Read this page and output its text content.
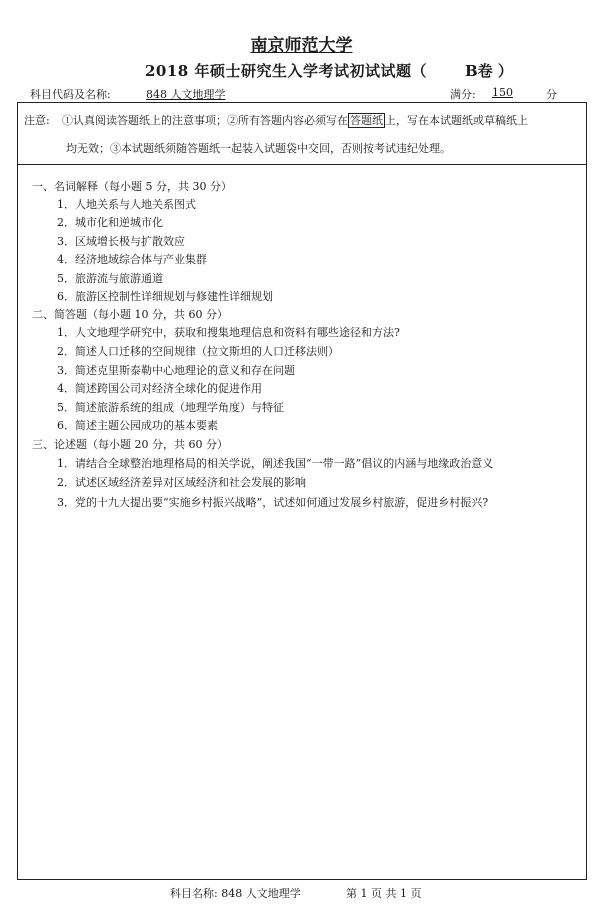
南京师范大学
2018 年硕士研究生入学考试初试试题（	B卷 ）
科目代码及名称:	848 人文地理学	满分: 150	分
注意: ①认真阅读答题纸上的注意事项；②所有答题内容必须写在 答题纸 上，写在本试题纸或草稿纸上
均无效；③本试题纸须随答题纸一起装入试题袋中交回，否则按考试违纪处理。
一、名词解释（每小题 5 分，共 30 分）
1．人地关系与人地关系图式
2．城市化和逆城市化
3．区域增长极与扩散效应
4．经济地域综合体与产业集群
5．旅游流与旅游通道
6．旅游区控制性详细规划与修建性详细规划
二、简答题（每小题 10 分，共 60 分）
1．人文地理学研究中，获取和搜集地理信息和资料有哪些途径和方法?
2．简述人口迁移的空间规律（拉文斯坦的人口迁移法则）
3．简述克里斯泰勒中心地理论的意义和存在问题
4．简述跨国公司对经济全球化的促进作用
5．简述旅游系统的组成（地理学角度）与特征
6．简述主题公园成功的基本要素
三、论述题（每小题 20 分，共 60 分）
1．请结合全球整治地理格局的相关学说，阐述我国“一带一路”倡议的内涵与地缘政治意义
2．试述区域经济差异对区域经济和社会发展的影响
3．党的十九大提出要“实施乡村振兴战略”，试述如何通过发展乡村旅游，促进乡村振兴?
科目名称: 848 人文地理学	第 1 页 共 1 页
